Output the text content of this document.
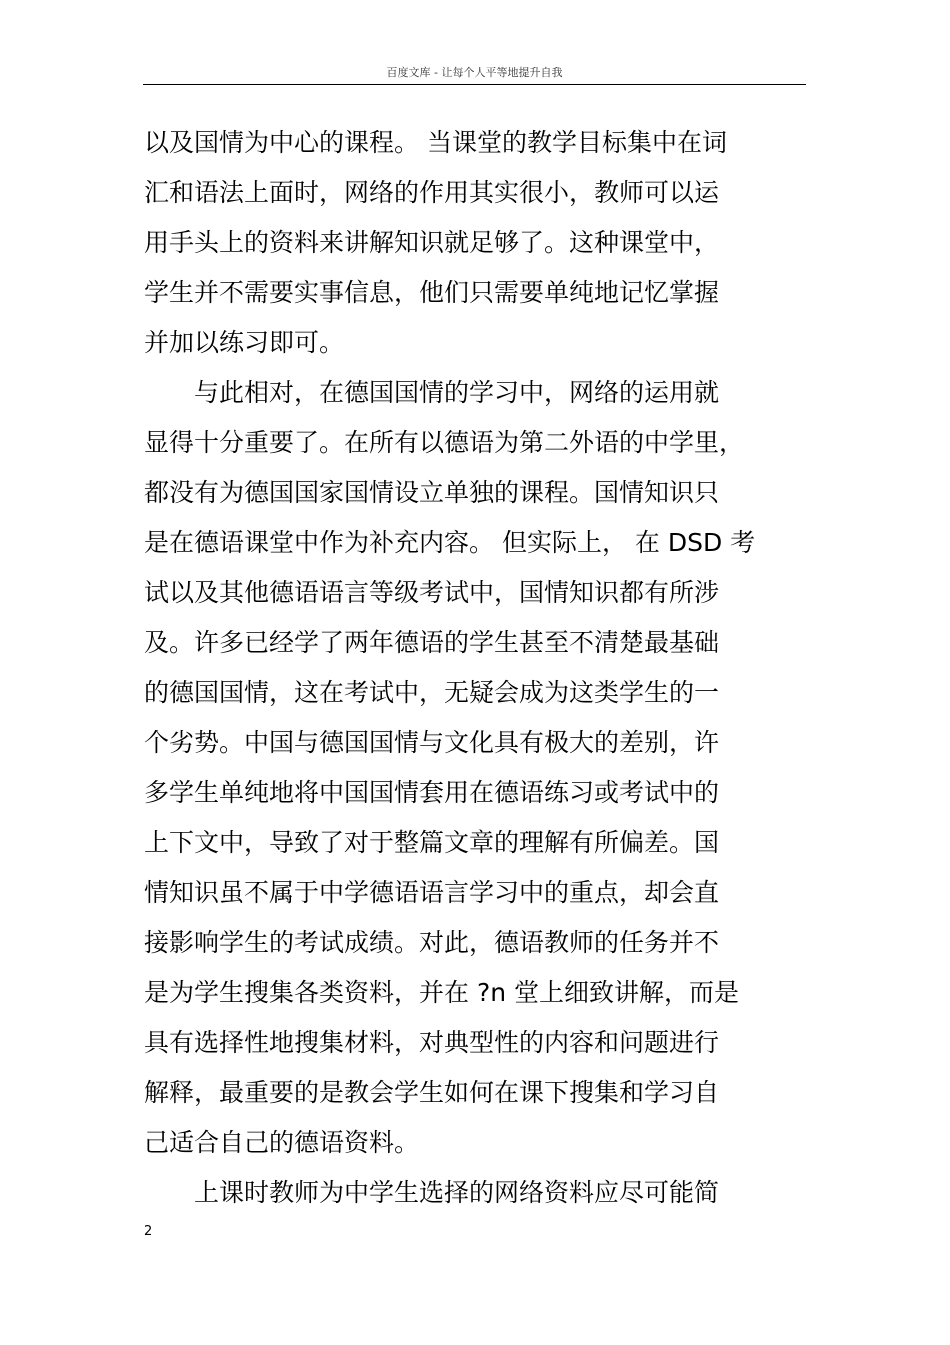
百度文库 - 让每个人平等地提升自我
以及国情为中心的课程。 当课堂的教学目标集中在词
汇和语法上面时，网络的作用其实很小，教师可以运
用手头上的资料来讲解知识就足够了。这种课堂中，
学生并不需要实事信息，他们只需要单纯地记忆掌握
并加以练习即可。
　　与此相对，在德国国情的学习中，网络的运用就
显得十分重要了。在所有以德语为第二外语的中学里，
都没有为德国国家国情设立单独的课程。国情知识只
是在德语课堂中作为补充内容。 但实际上， 在 DSD 考
试以及其他德语语言等级考试中，国情知识都有所涉
及。许多已经学了两年德语的学生甚至不清楚最基础
的德国国情，这在考试中，无疑会成为这类学生的一
个劣势。中国与德国国情与文化具有极大的差别，许
多学生单纯地将中国国情套用在德语练习或考试中的
上下文中，导致了对于整篇文章的理解有所偏差。国
情知识虽不属于中学德语语言学习中的重点，却会直
接影响学生的考试成绩。对此，德语教师的任务并不
是为学生搜集各类资料，并在 ?n 堂上细致讲解，而是
具有选择性地搜集材料，对典型性的内容和问题进行
解释，最重要的是教会学生如何在课下搜集和学习自
己适合自己的德语资料。
　　上课时教师为中学生选择的网络资料应尽可能简
2
